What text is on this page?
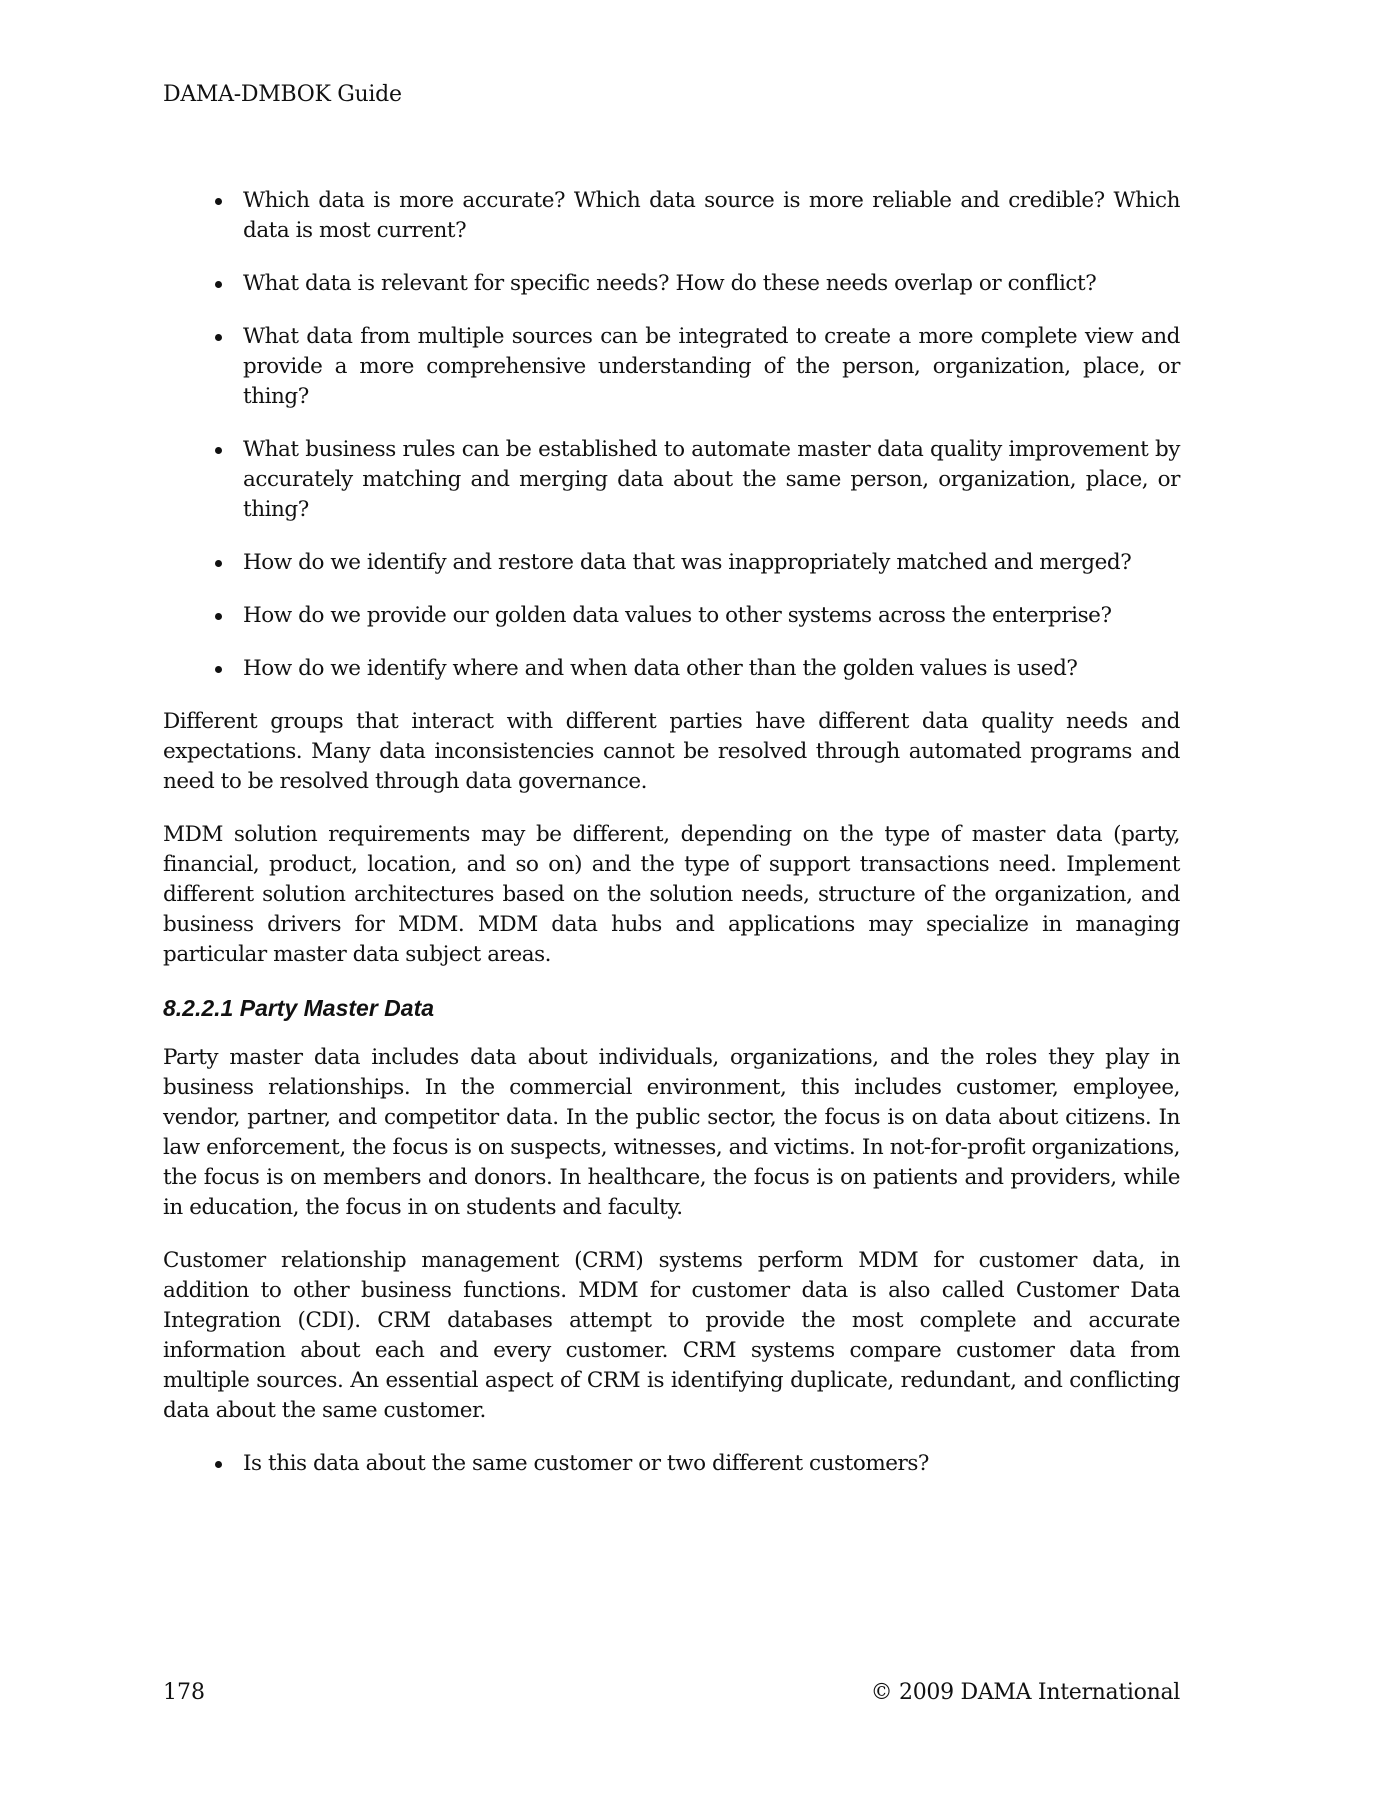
DAMA-DMBOK Guide
Which data is more accurate? Which data source is more reliable and credible? Which data is most current?
What data is relevant for specific needs? How do these needs overlap or conflict?
What data from multiple sources can be integrated to create a more complete view and provide a more comprehensive understanding of the person, organization, place, or thing?
What business rules can be established to automate master data quality improvement by accurately matching and merging data about the same person, organization, place, or thing?
How do we identify and restore data that was inappropriately matched and merged?
How do we provide our golden data values to other systems across the enterprise?
How do we identify where and when data other than the golden values is used?

Different groups that interact with different parties have different data quality needs and expectations. Many data inconsistencies cannot be resolved through automated programs and need to be resolved through data governance.

MDM solution requirements may be different, depending on the type of master data (party, financial, product, location, and so on) and the type of support transactions need. Implement different solution architectures based on the solution needs, structure of the organization, and business drivers for MDM. MDM data hubs and applications may specialize in managing particular master data subject areas.

8.2.2.1 Party Master Data

Party master data includes data about individuals, organizations, and the roles they play in business relationships. In the commercial environment, this includes customer, employee, vendor, partner, and competitor data. In the public sector, the focus is on data about citizens. In law enforcement, the focus is on suspects, witnesses, and victims. In not-for-profit organizations, the focus is on members and donors. In healthcare, the focus is on patients and providers, while in education, the focus in on students and faculty.

Customer relationship management (CRM) systems perform MDM for customer data, in addition to other business functions. MDM for customer data is also called Customer Data Integration (CDI). CRM databases attempt to provide the most complete and accurate information about each and every customer. CRM systems compare customer data from multiple sources. An essential aspect of CRM is identifying duplicate, redundant, and conflicting data about the same customer.

Is this data about the same customer or two different customers?
178	© 2009 DAMA International
